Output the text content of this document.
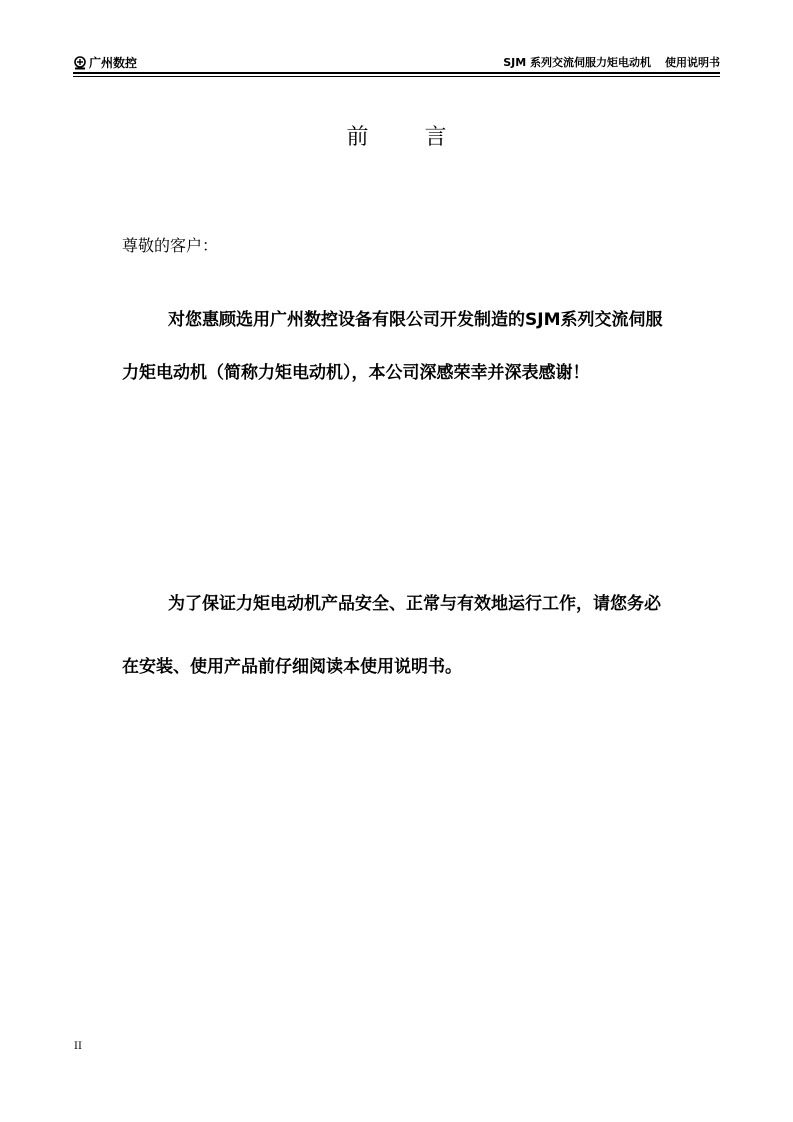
广州数控	SJM 系列交流伺服力矩电动机 使用说明书
前	言
尊敬的客户：
对您惠顾选用广州数控设备有限公司开发制造的SJM系列交流伺服
力矩电动机（简称力矩电动机），本公司深感荣幸并深表感谢！
为了保证力矩电动机产品安全、正常与有效地运行工作，请您务必
在安装、使用产品前仔细阅读本使用说明书。
II
